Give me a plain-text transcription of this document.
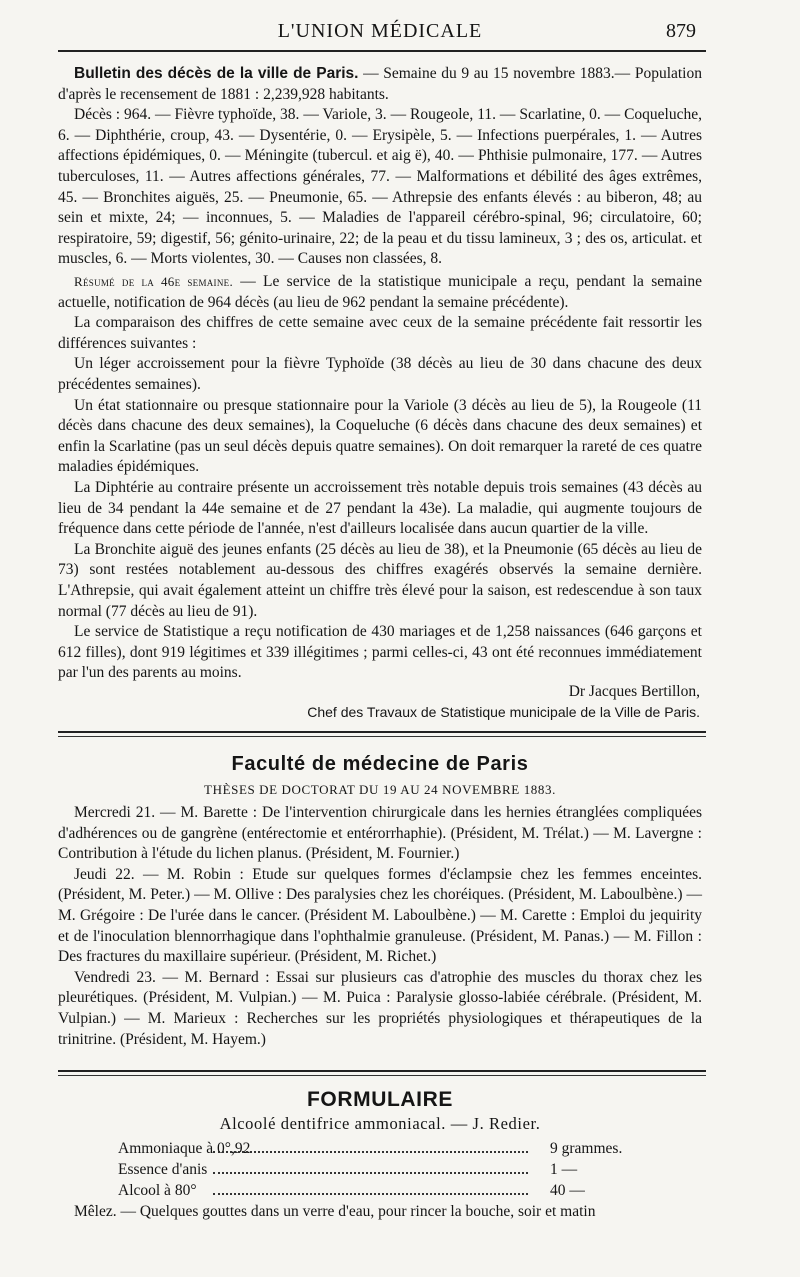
L'UNION MÉDICALE	879

Bulletin des décès de la ville de Paris. — Semaine du 9 au 15 novembre 1883.— Population d'après le recensement de 1881 : 2,239,928 habitants.

Décès : 964. — Fièvre typhoïde, 38. — Variole, 3. — Rougeole, 11. — Scarlatine, 0. — Coqueluche, 6. — Diphthérie, croup, 43. — Dysentérie, 0. — Erysipèle, 5. — Infections puerpérales, 1. — Autres affections épidémiques, 0. — Méningite (tubercul. et aig ë), 40. — Phthisie pulmonaire, 177. — Autres tuberculoses, 11. — Autres affections générales, 77. — Malformations et débilité des âges extrêmes, 45. — Bronchites aiguës, 25. — Pneumonie, 65. — Athrepsie des enfants élevés : au biberon, 48; au sein et mixte, 24; — inconnues, 5. — Maladies de l'appareil cérébro-spinal, 96; circulatoire, 60; respiratoire, 59; digestif, 56; génito-urinaire, 22; de la peau et du tissu lamineux, 3 ; des os, articulat. et muscles, 6. — Morts violentes, 30. — Causes non classées, 8.

Résumé de la 46e semaine. — Le service de la statistique municipale a reçu, pendant la semaine actuelle, notification de 964 décès (au lieu de 962 pendant la semaine précédente).

La comparaison des chiffres de cette semaine avec ceux de la semaine précédente fait ressortir les différences suivantes :

Un léger accroissement pour la fièvre Typhoïde (38 décès au lieu de 30 dans chacune des deux précédentes semaines).

Un état stationnaire ou presque stationnaire pour la Variole (3 décès au lieu de 5), la Rougeole (11 décès dans chacune des deux semaines), la Coqueluche (6 décès dans chacune des deux semaines) et enfin la Scarlatine (pas un seul décès depuis quatre semaines). On doit remarquer la rareté de ces quatre maladies épidémiques.

La Diphtérie au contraire présente un accroissement très notable depuis trois semaines (43 décès au lieu de 34 pendant la 44e semaine et de 27 pendant la 43e). La maladie, qui augmente toujours de fréquence dans cette période de l'année, n'est d'ailleurs localisée dans aucun quartier de la ville.

La Bronchite aiguë des jeunes enfants (25 décès au lieu de 38), et la Pneumonie (65 décès au lieu de 73) sont restées notablement au-dessous des chiffres exagérés observés la semaine dernière. L'Athrepsie, qui avait également atteint un chiffre très élevé pour la saison, est redescendue à son taux normal (77 décès au lieu de 91).

Le service de Statistique a reçu notification de 430 mariages et de 1,258 naissances (646 garçons et 612 filles), dont 919 légitimes et 339 illégitimes ; parmi celles-ci, 43 ont été reconnues immédiatement par l'un des parents au moins.

Dr Jacques Bertillon,
Chef des Travaux de Statistique municipale de la Ville de Paris.
Faculté de médecine de Paris
THÈSES DE DOCTORAT DU 19 AU 24 NOVEMBRE 1883.

Mercredi 21. — M. Barette : De l'intervention chirurgicale dans les hernies étranglées compliquées d'adhérences ou de gangrène (entérectomie et entérorrhaphie). (Président, M. Trélat.) — M. Lavergne : Contribution à l'étude du lichen planus. (Président, M. Fournier.)

Jeudi 22. — M. Robin : Etude sur quelques formes d'éclampsie chez les femmes enceintes. (Président, M. Peter.) — M. Ollive : Des paralysies chez les choréiques. (Président, M. Laboulbène.) — M. Grégoire : De l'urée dans le cancer. (Président M. Laboulbène.) — M. Carette : Emploi du jequirity et de l'inoculation blennorrhagique dans l'ophthalmie granuleuse. (Président, M. Panas.) — M. Fillon : Des fractures du maxillaire supérieur. (Président, M. Richet.)

Vendredi 23. — M. Bernard : Essai sur plusieurs cas d'atrophie des muscles du thorax chez les pleurétiques. (Président, M. Vulpian.) — M. Puica : Paralysie glosso-labiée cérébrale. (Président, M. Vulpian.) — M. Marieux : Recherches sur les propriétés physiologiques et thérapeutiques de la trinitrine. (Président, M. Hayem.)

FORMULAIRE
Alcoolé dentifrice ammoniacal. — J. Redier.
Ammoniaque à 0°,92	9 grammes.
Essence d'anis	1 —
Alcool à 80°	40 —

Mêlez. — Quelques gouttes dans un verre d'eau, pour rincer la bouche, soir et matin
